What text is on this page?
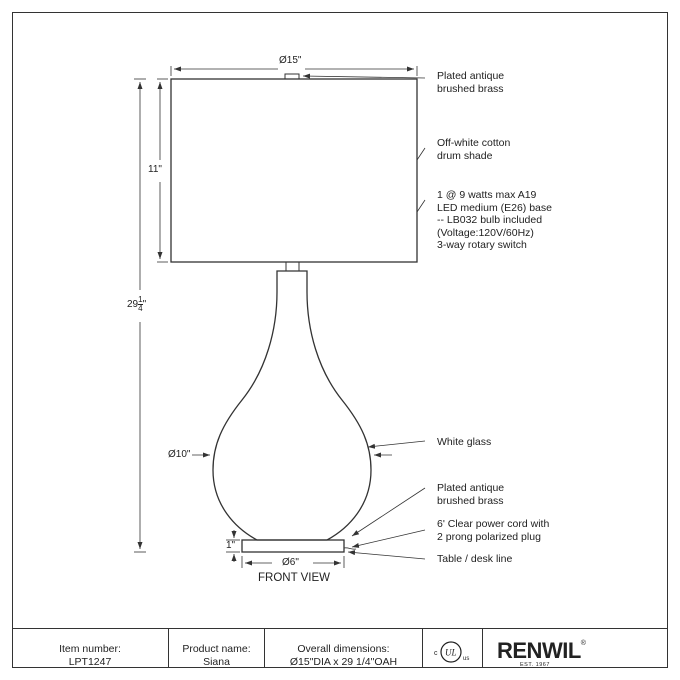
Ø15"
11"
$29 \frac{1}{4}$ "
Ø10"
1"
Ø6"
FRONT VIEW
Plated antique
brushed brass
Off-white cotton
drum shade
1 @ 9 watts max A19
LED medium (E26) base
-- LB032 bulb included
(Voltage:120V/60Hz)
3-way rotary switch
White glass
Plated antique
brushed brass
6' Clear power cord with
2 prong polarized plug
Table / desk line
Item number:
LPT1247
Product name:
Siana
Overall dimensions:
Ø15"DIA x 29 1/4"OAH
c UL
us RENWIL®
EST. 1967
